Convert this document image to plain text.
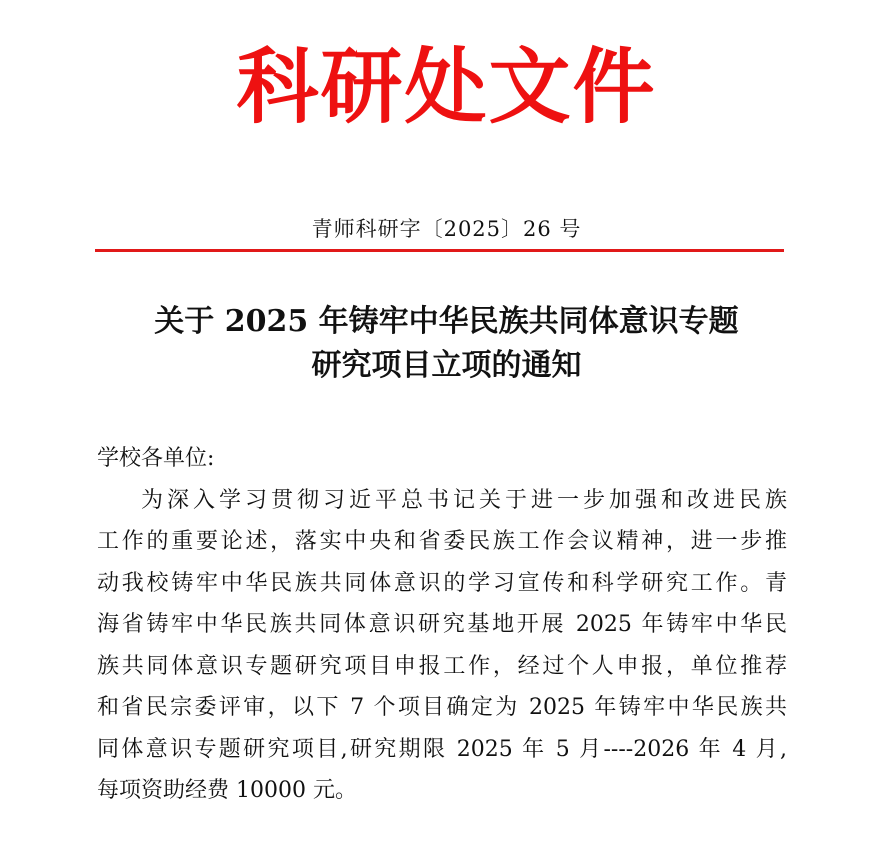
科研处文件
青师科研字〔2025〕26 号
关于 2025 年铸牢中华民族共同体意识专题
研究项目立项的通知

学校各单位:

为深入学习贯彻习近平总书记关于进一步加强和改进民族
工作的重要论述，落实中央和省委民族工作会议精神，进一步推
动我校铸牢中华民族共同体意识的学习宣传和科学研究工作。青
海省铸牢中华民族共同体意识研究基地开展 2025 年铸牢中华民
族共同体意识专题研究项目申报工作，经过个人申报，单位推荐
和省民宗委评审，以下 7 个项目确定为 2025 年铸牢中华民族共
同体意识专题研究项目,研究期限 2025 年 5 月----2026 年 4 月,
每项资助经费 10000 元。
